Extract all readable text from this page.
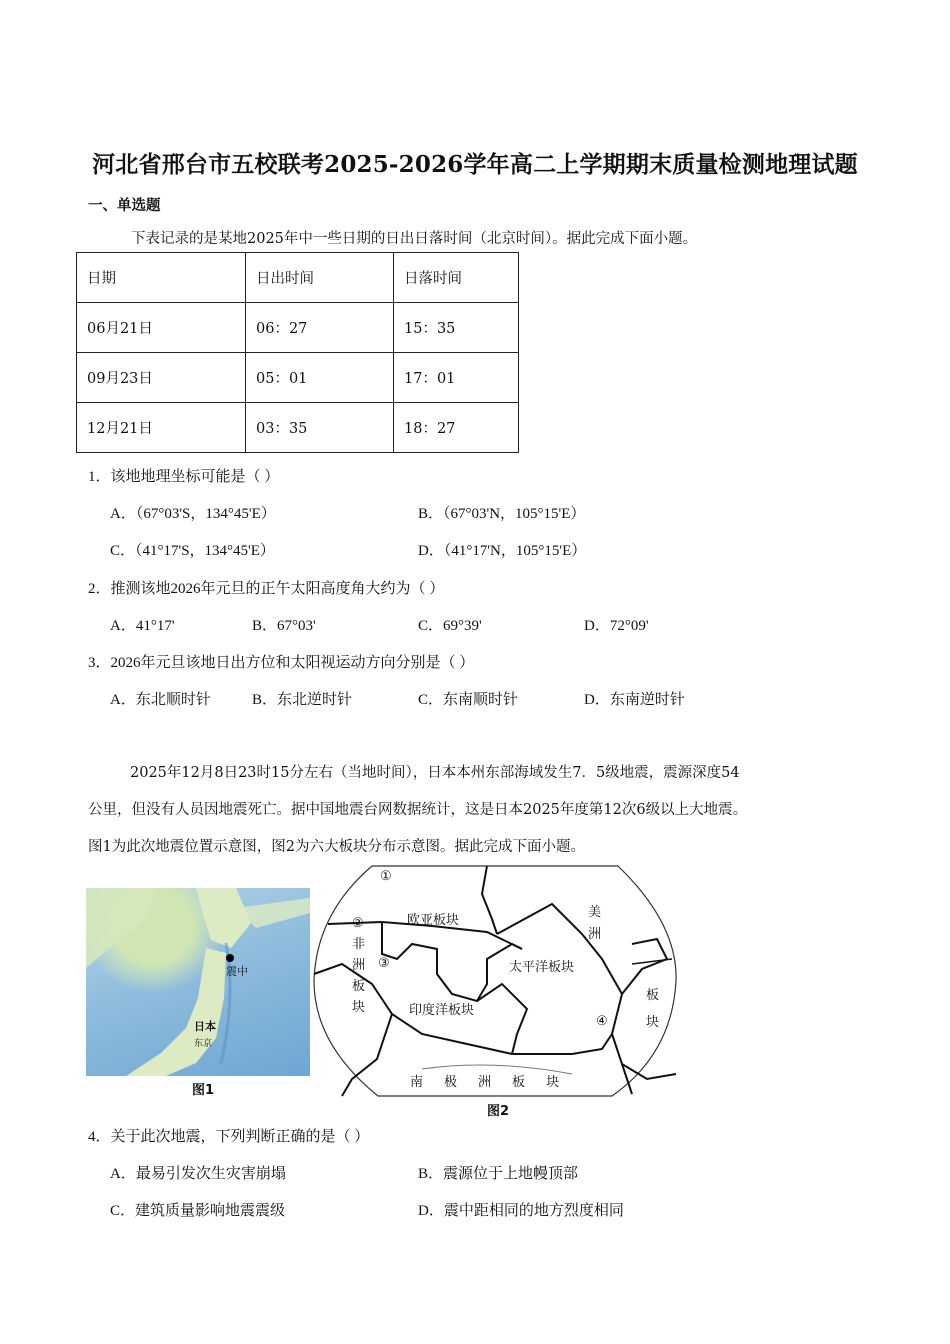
河北省邢台市五校联考2025-2026学年高二上学期期末质量检测地理试题
一、单选题
下表记录的是某地2025年中一些日期的日出日落时间（北京时间）。据此完成下面小题。
日期	日出时间	日落时间
06月21日	06：27	15：35
09月23日	05：01	17：01
12月21日	03：35	18：27
1．该地地理坐标可能是（ ）
A．（67°03'S，134°45'E）	B．（67°03'N，105°15'E）
C．（41°17'S，134°45'E）	D．（41°17'N，105°15'E）
2．推测该地2026年元旦的正午太阳高度角大约为（ ）
A．41°17'	B．67°03'	C．69°39'	D．72°09'
3．2026年元旦该地日出方位和太阳视运动方向分别是（ ）
A．东北顺时针	B．东北逆时针	C．东南顺时针	D．东南逆时针

2025年12月8日23时15分左右（当地时间），日本本州东部海域发生7．5级地震，震源深度54

公里，但没有人员因地震死亡。据中国地震台网数据统计，这是日本2025年度第12次6级以上大地震。

图1为此次地震位置示意图，图2为六大板块分布示意图。据此完成下面小题。

震中
日本
东京
图1
欧亚板块
太平洋板块
印度洋板块
非
洲
板
块
美
洲
板
块
南 极 洲 板 块
①
②
③
④
图2
4．关于此次地震，下列判断正确的是（ ）
A．最易引发次生灾害崩塌	B．震源位于上地幔顶部
C．建筑质量影响地震震级	D．震中距相同的地方烈度相同
